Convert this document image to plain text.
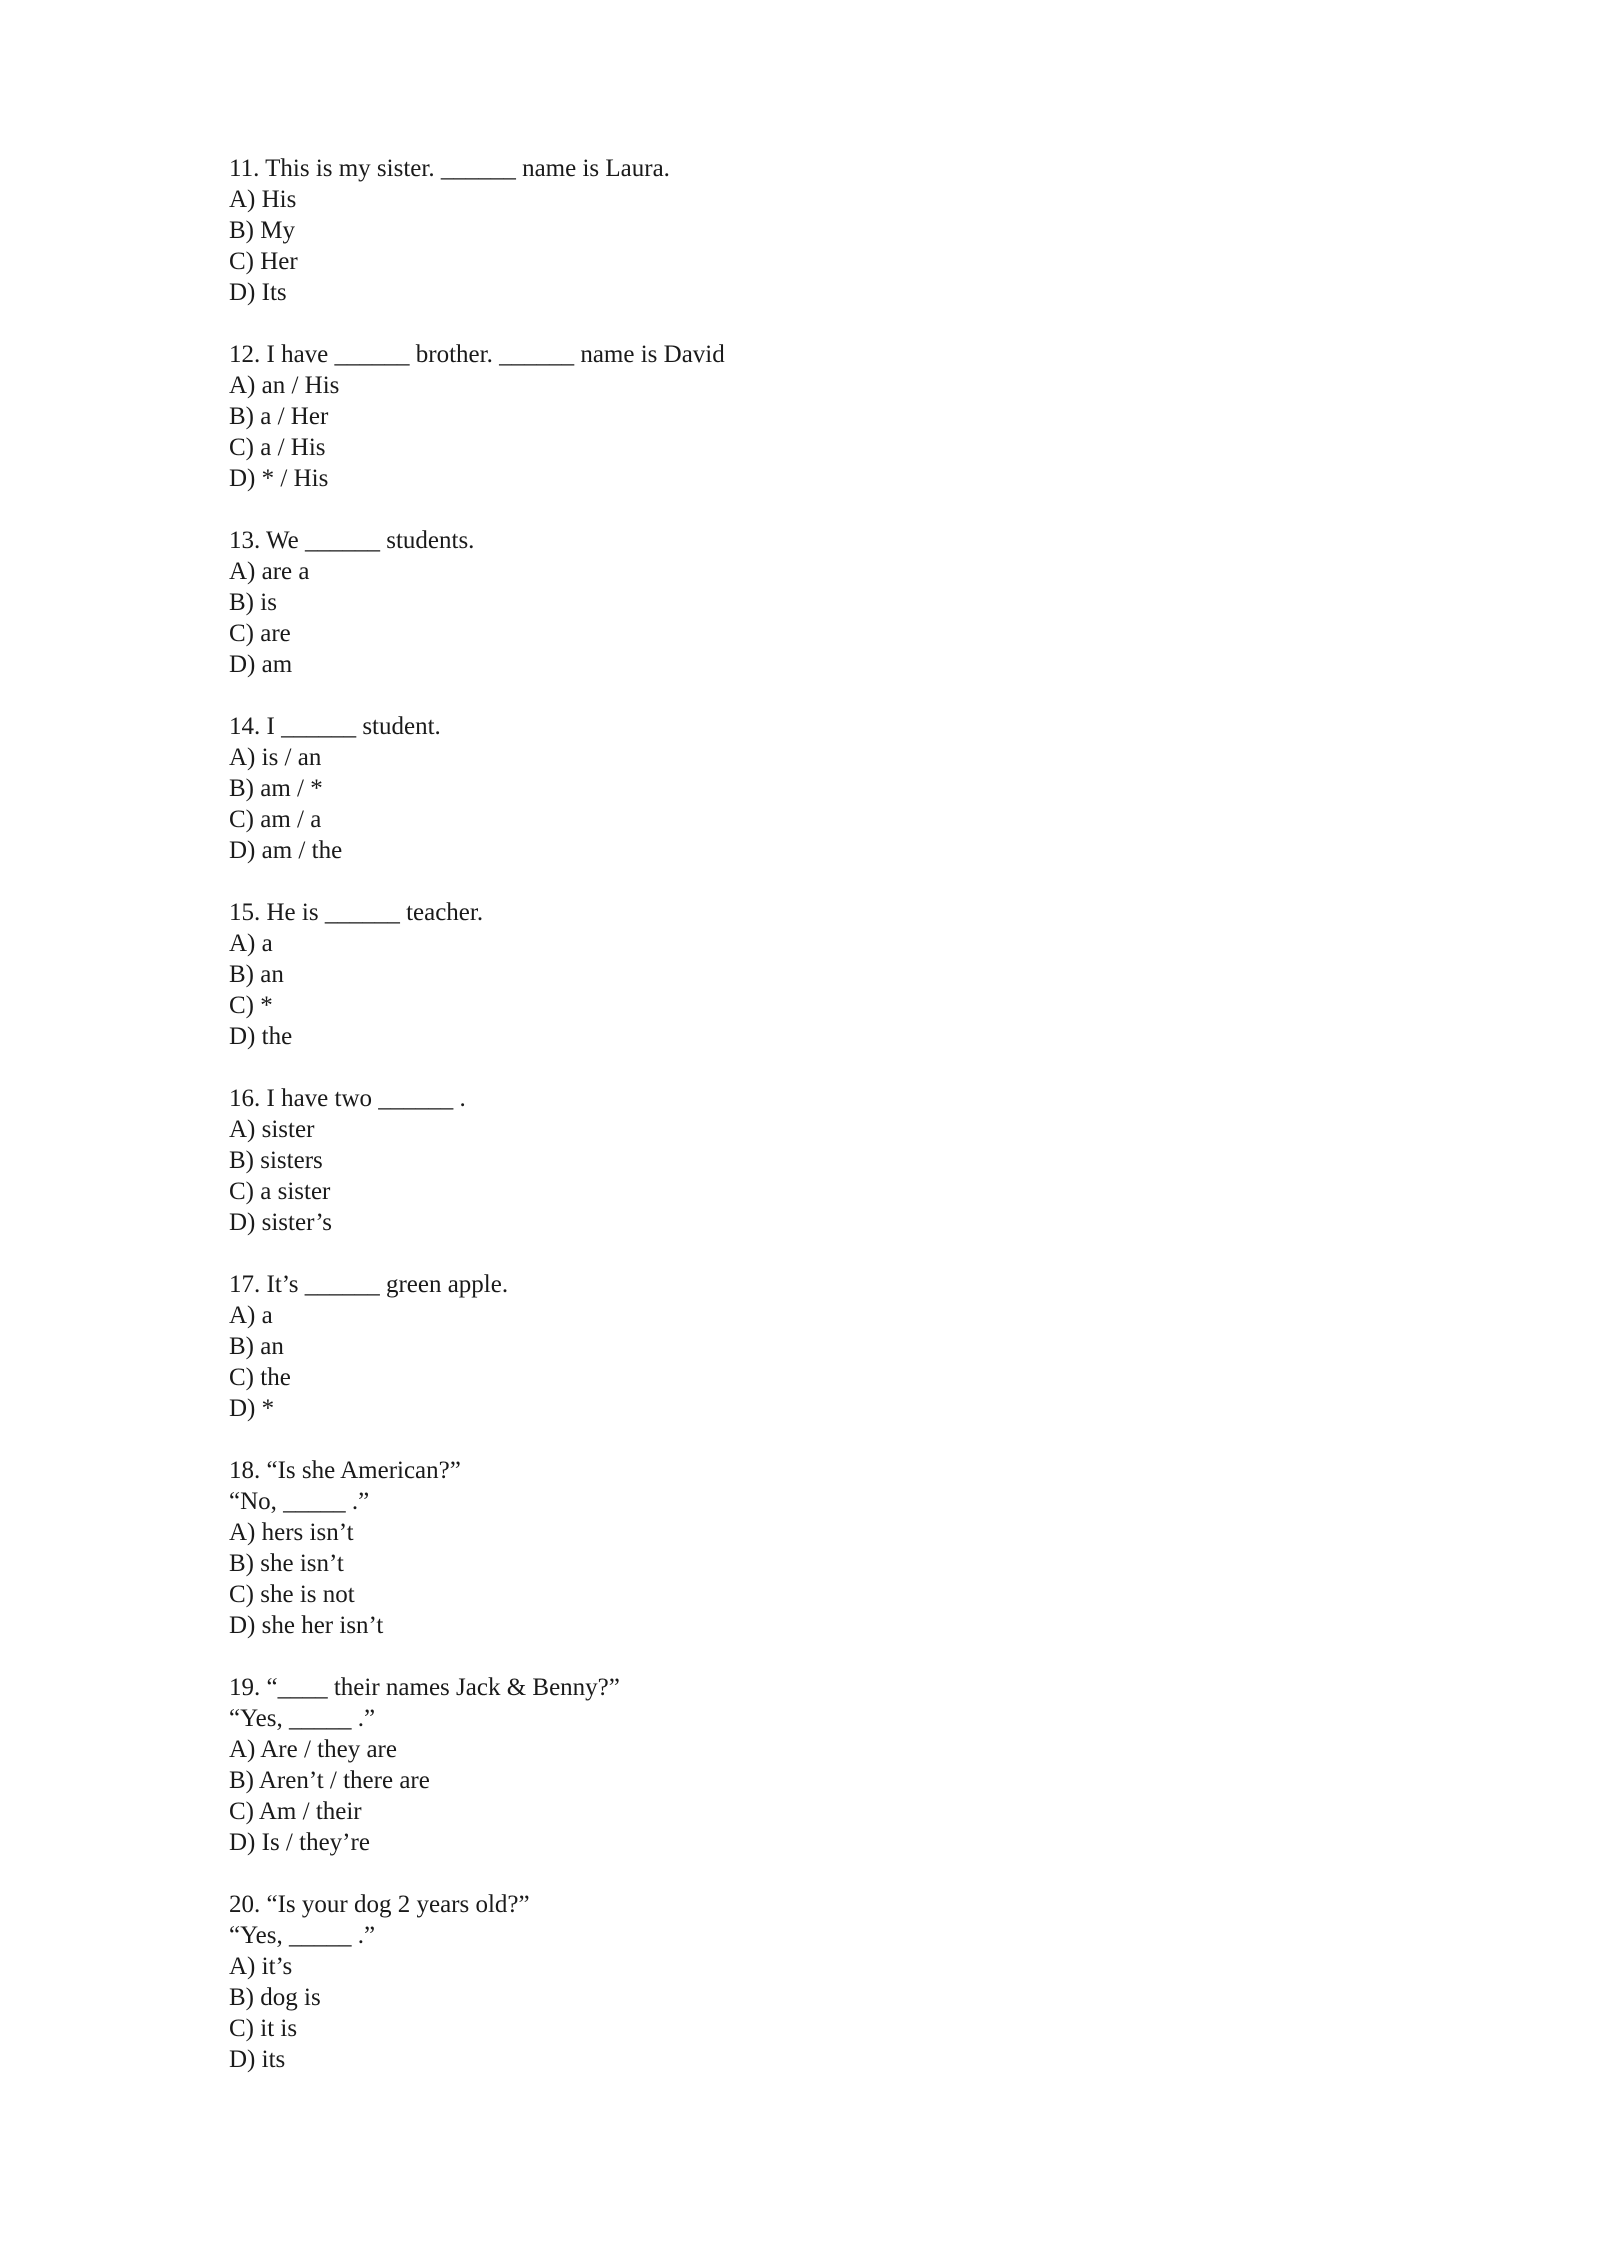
11. This is my sister. ______ name is Laura.
A) His
B) My
C) Her
D) Its
12. I have ______ brother. ______ name is David
A) an / His
B) a / Her
C) a / His
D) * / His
13. We ______ students.
A) are a
B) is
C) are
D) am
14. I ______ student.
A) is / an
B) am / *
C) am / a
D) am / the
15. He is ______ teacher.
A) a
B) an
C) *
D) the
16. I have two ______ .
A) sister
B) sisters
C) a sister
D) sister’s
17. It’s ______ green apple.
A) a
B) an
C) the
D) *
18. “Is she American?”
“No, _____ .”
A) hers isn’t
B) she isn’t
C) she is not
D) she her isn’t
19. “____ their names Jack & Benny?”
“Yes, _____ .”
A) Are / they are
B) Aren’t / there are
C) Am / their
D) Is / they’re
20. “Is your dog 2 years old?”
“Yes, _____ .”
A) it’s
B) dog is
C) it is
D) its
